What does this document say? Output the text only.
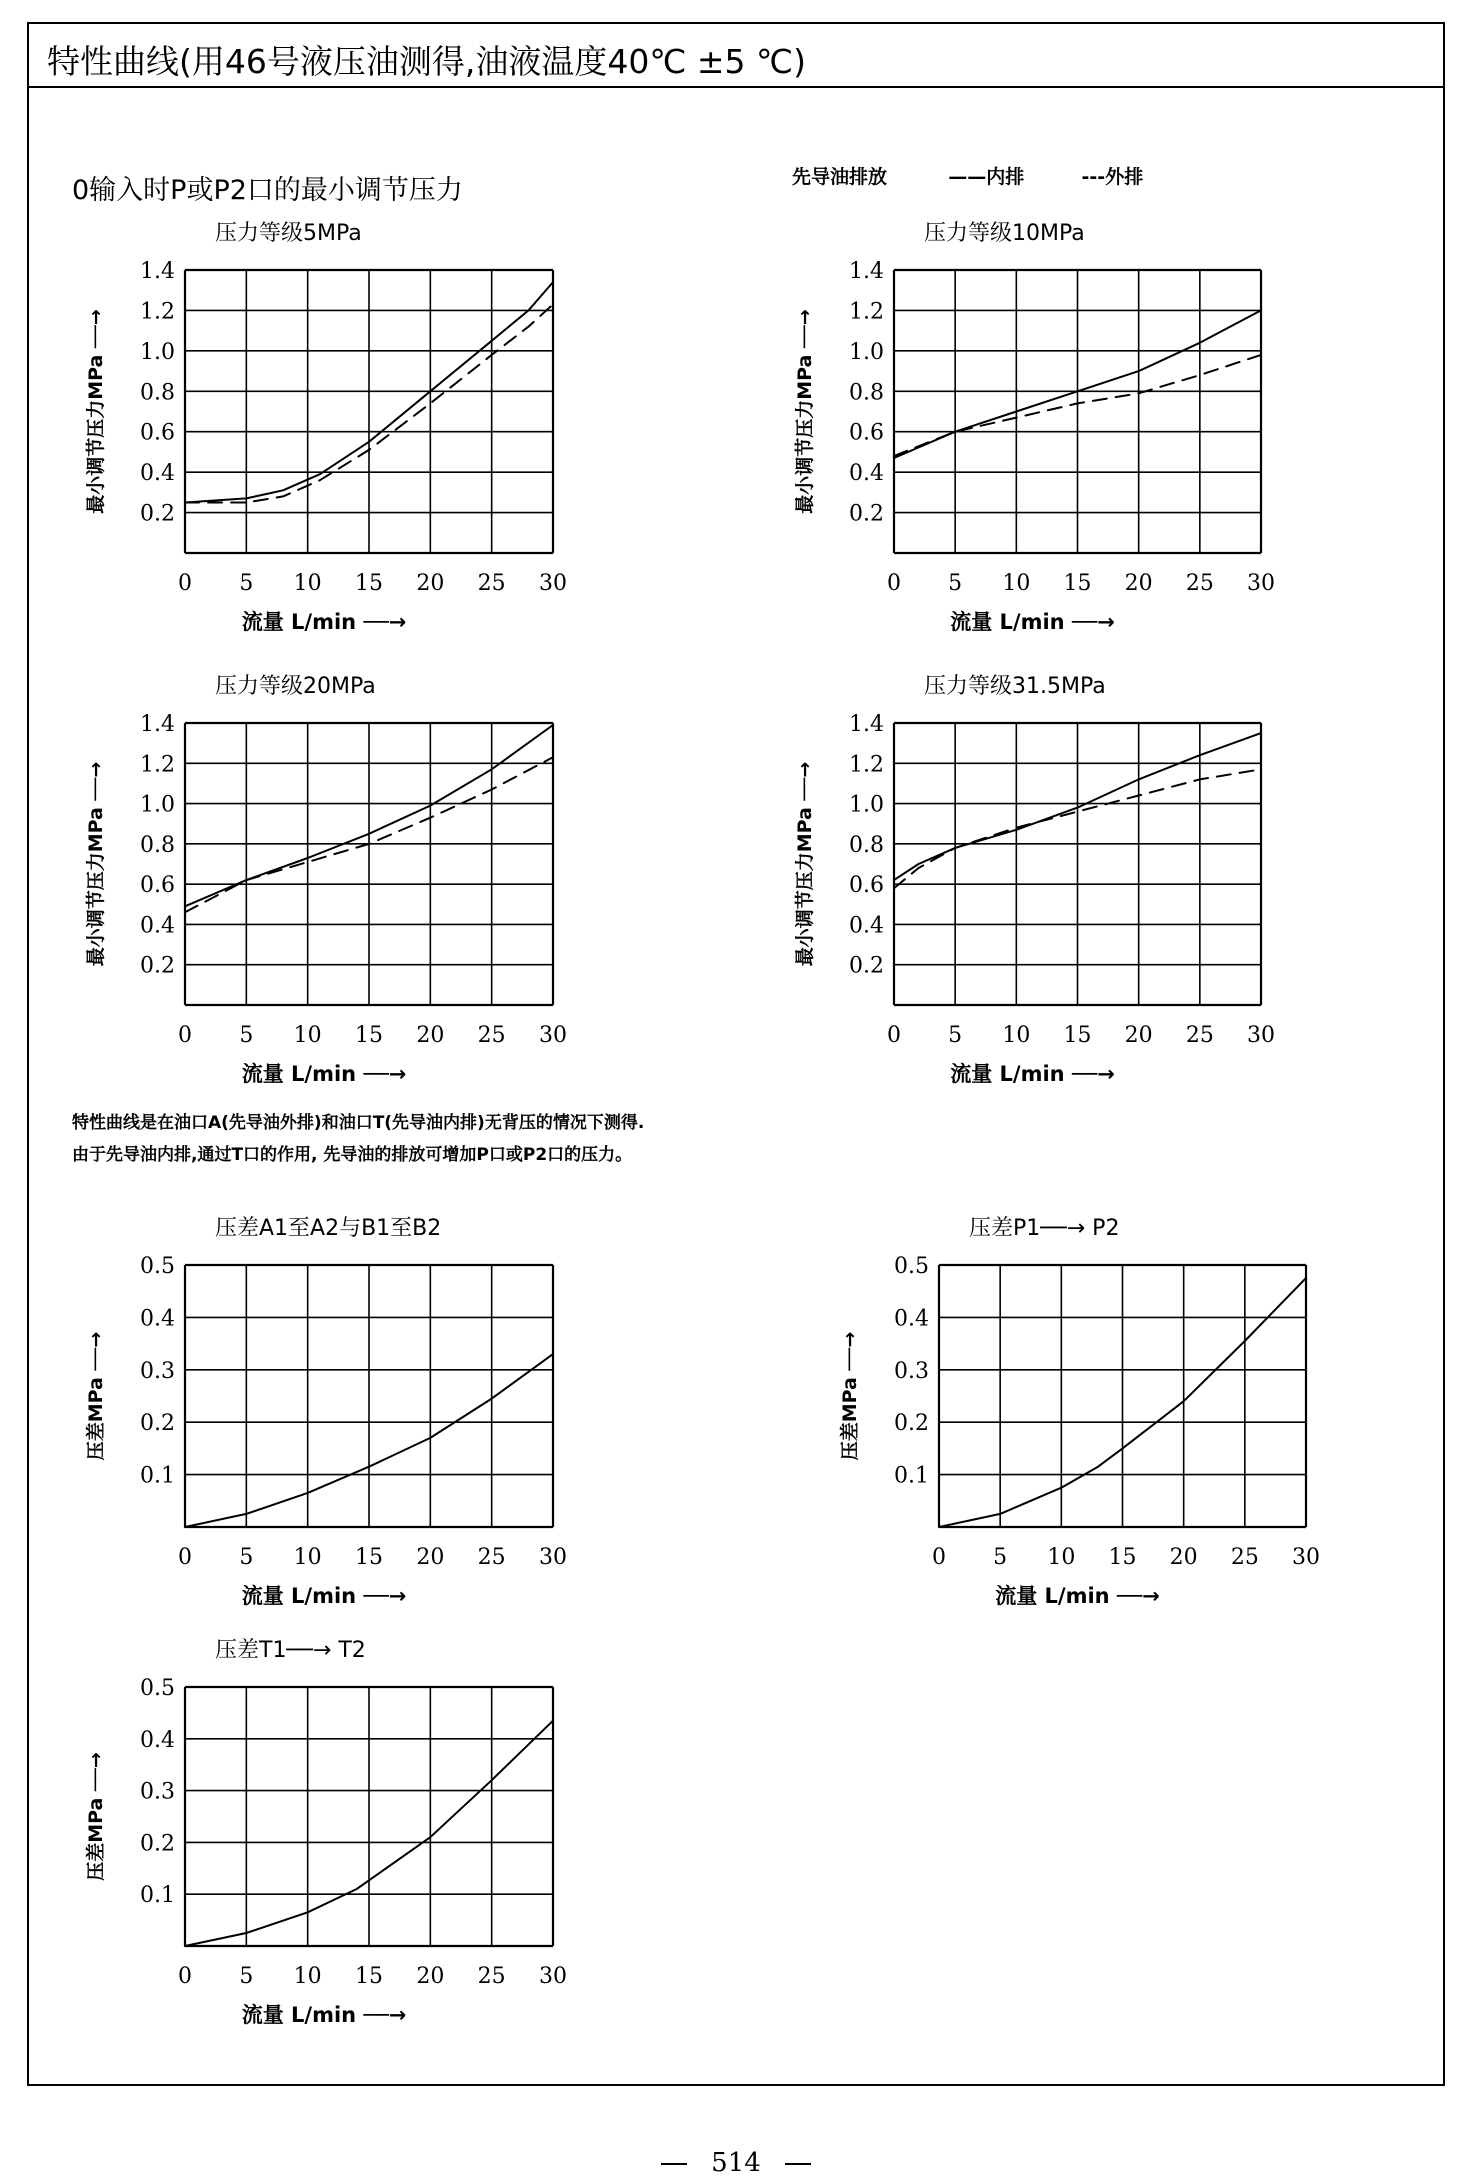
特性曲线(用46号液压油测得,油液温度40℃ ±5 ℃)
0输入时P或P2口的最小调节压力	先导油排放	——内排	---外排
特性曲线是在油口A(先导油外排)和油口T(先导油内排)无背压的情况下测得.
由于先导油内排,通过T口的作用, 先导油的排放可增加P口或P2口的压力。
压力等级5MPa
0 5 10 15 20 25 30
0.2
0.4
0.6
0.8
1.0
1.2
1.4
流量 L/min ──→
最小调节压力MPa ──→
压力等级10MPa
0 5 10 15 20 25 30
0.2
0.4
0.6
0.8
1.0
1.2
1.4
流量 L/min ──→
最小调节压力MPa ──→
压力等级20MPa
0 5 10 15 20 25 30
0.2
0.4
0.6
0.8
1.0
1.2
1.4
流量 L/min ──→
最小调节压力MPa ──→
压力等级31.5MPa
0 5 10 15 20 25 30
0.2
0.4
0.6
0.8
1.0
1.2
1.4
流量 L/min ──→
最小调节压力MPa ──→
压差A1至A2与B1至B2
0 5 10 15 20 25 30
0.1
0.2
0.3
0.4
0.5
流量 L/min ──→
压差MPa ──→
压差P1──→ P2
0 5 10 15 20 25 30
0.1
0.2
0.3
0.4
0.5
流量 L/min ──→
压差MPa ──→
压差T1──→ T2
0 5 10 15 20 25 30
0.1
0.2
0.3
0.4
0.5
流量 L/min ──→
压差MPa ──→
514
